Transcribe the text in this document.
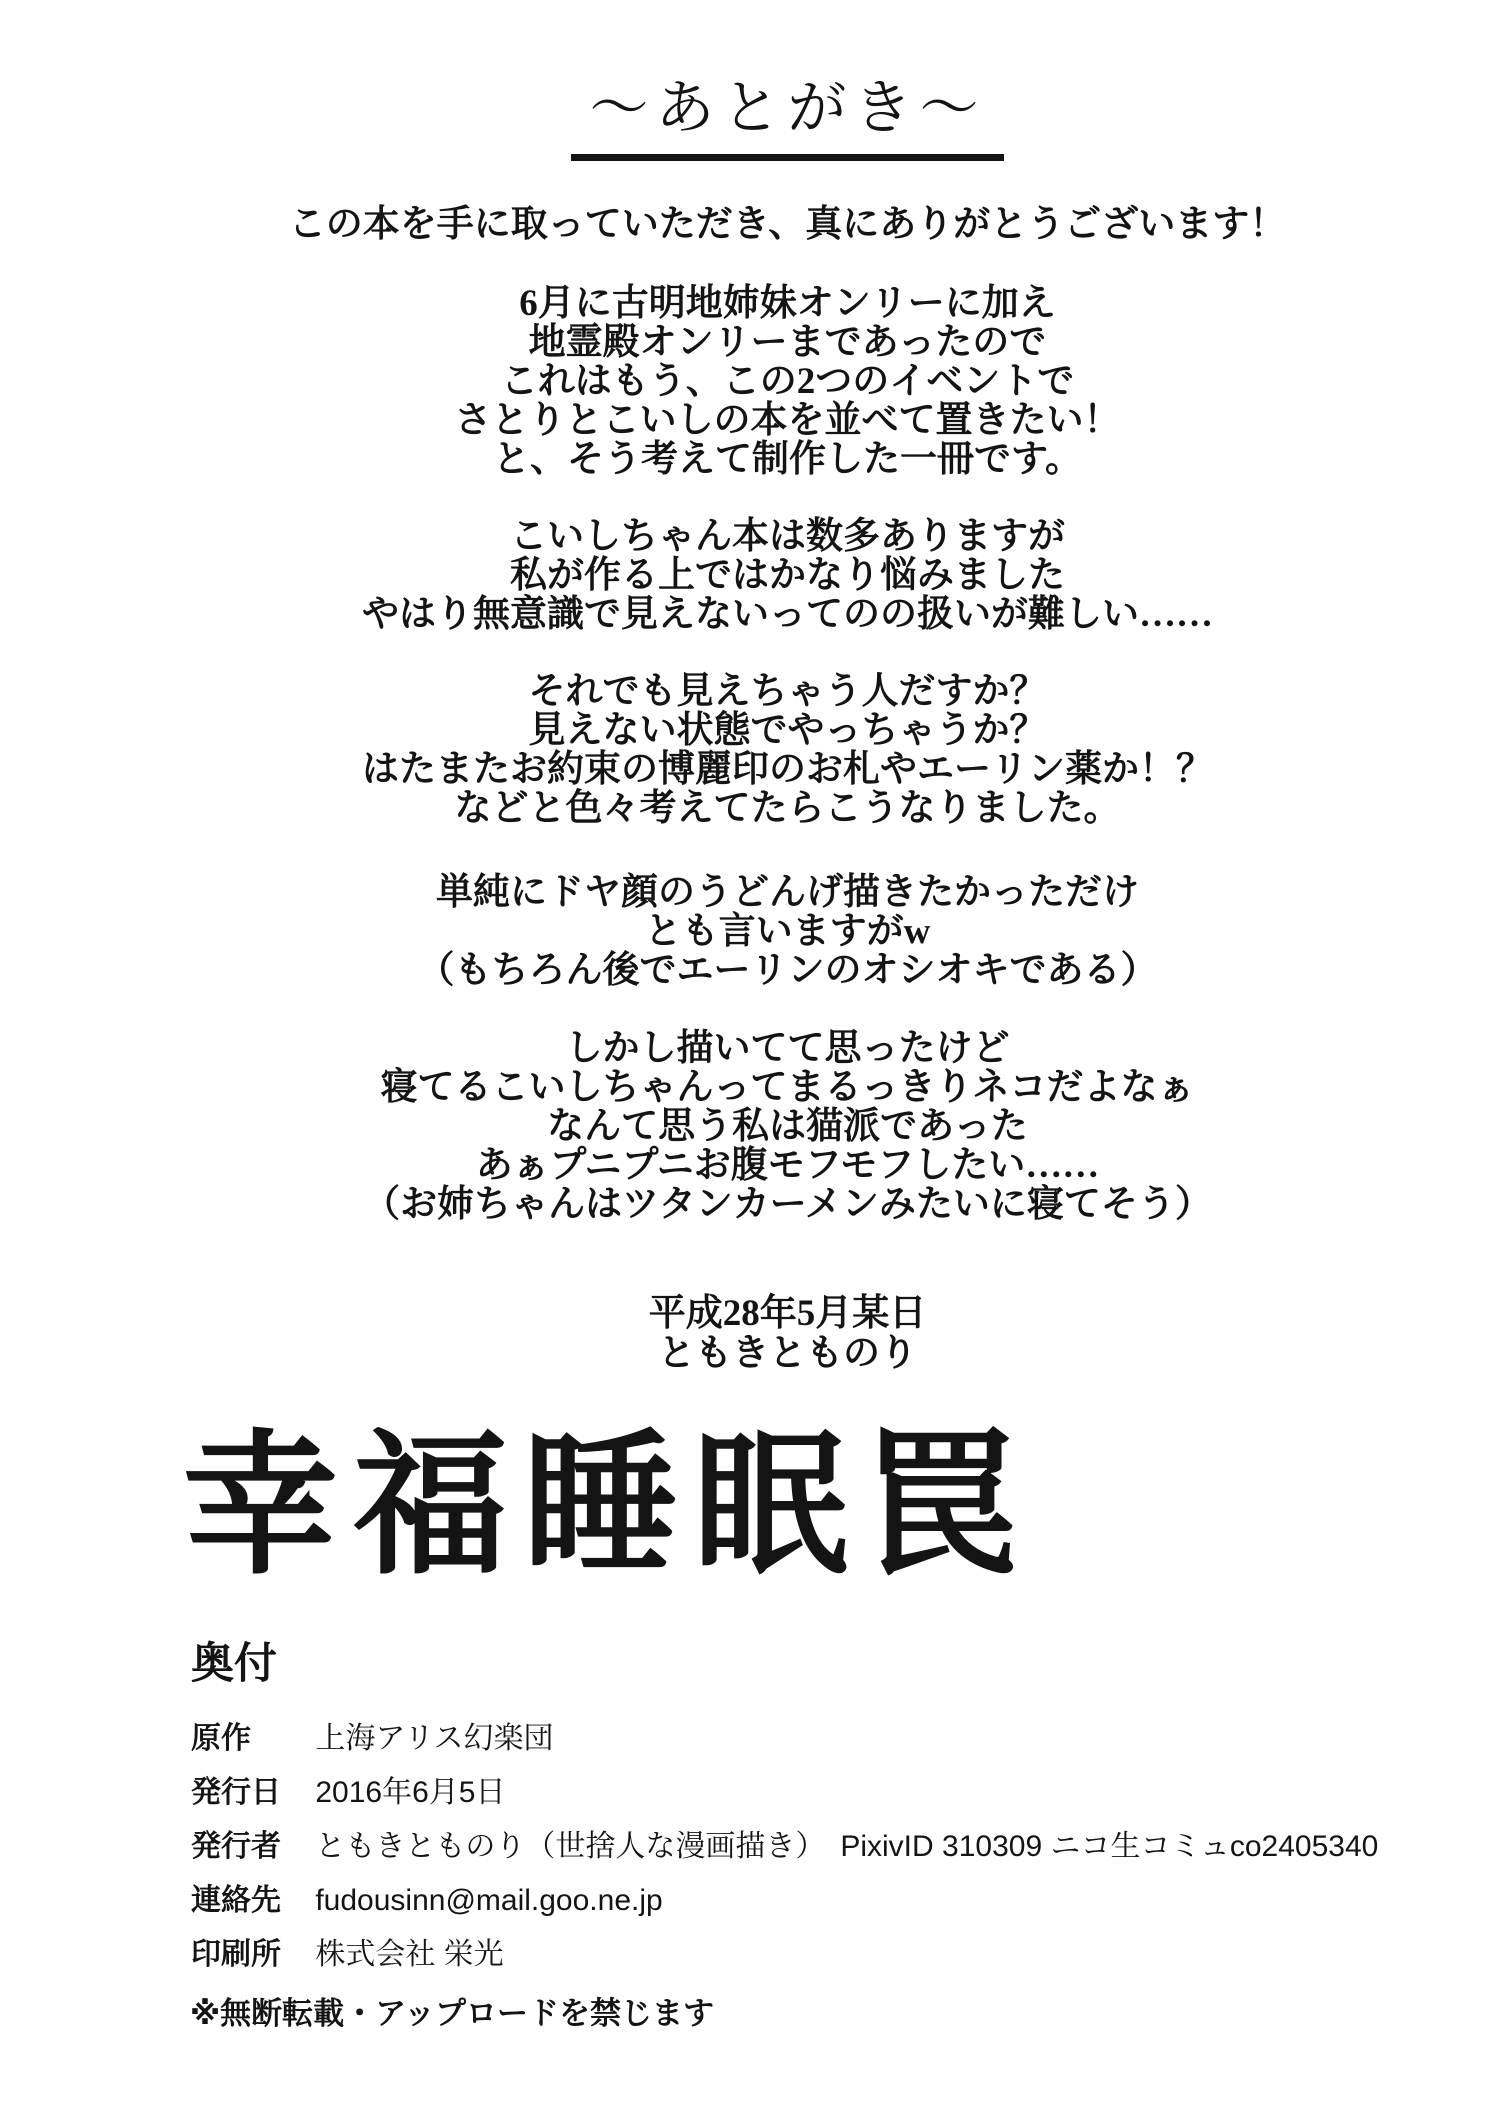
〜あとがき〜
この本を手に取っていただき、真にありがとうございます！
6月に古明地姉妹オンリーに加え
地霊殿オンリーまであったので
これはもう、この2つのイベントで
さとりとこいしの本を並べて置きたい！
と、そう考えて制作した一冊です。
こいしちゃん本は数多ありますが
私が作る上ではかなり悩みました
やはり無意識で見えないってのの扱いが難しい……
それでも見えちゃう人だすか？
見えない状態でやっちゃうか？
はたまたお約束の博麗印のお札やエーリン薬か！？
などと色々考えてたらこうなりました。
単純にドヤ顔のうどんげ描きたかっただけ
とも言いますがw
（もちろん後でエーリンのオシオキである）
しかし描いてて思ったけど
寝てるこいしちゃんってまるっきりネコだよなぁ
なんて思う私は猫派であった
あぁプニプニお腹モフモフしたい……
（お姉ちゃんはツタンカーメンみたいに寝てそう）
平成28年5月某日
ともきとものり
幸福睡眠罠
奥付
原作 上海アリス幻楽団
発行日 2016年6月5日
発行者 ともきとものり（世捨人な漫画描き）　PixivID 310309 ニコ生コミュco2405340
連絡先 fudousinn@mail.goo.ne.jp
印刷所 株式会社 栄光
※無断転載・アップロードを禁じます
